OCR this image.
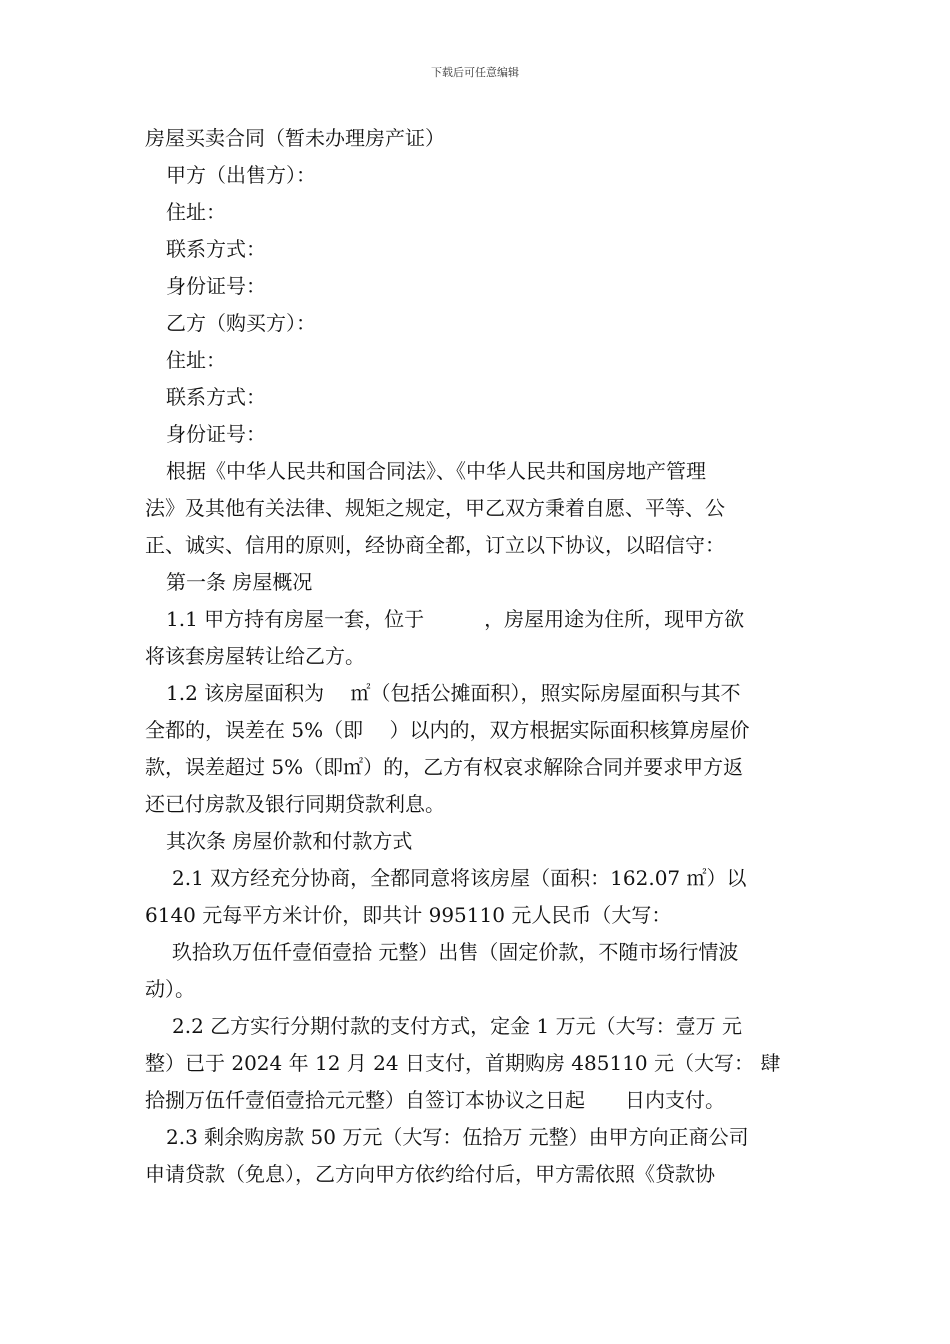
下载后可任意编辑
房屋买卖合同（暂未办理房产证）
甲方（出售方）：
住址：
联系方式：
身份证号：
乙方（购买方）：
住址：
联系方式：
身份证号：
根据《中华人民共和国合同法》、《中华人民共和国房地产管理
法》及其他有关法律、规矩之规定，甲乙双方秉着自愿、平等、公
正、诚实、信用的原则，经协商全都，订立以下协议，以昭信守：
第一条 房屋概况
1.1 甲方持有房屋一套，位于　　　，房屋用途为住所，现甲方欲
将该套房屋转让给乙方。
1.2 该房屋面积为　 ㎡（包括公摊面积），照实际房屋面积与其不
全都的，误差在 5%（即　 ）以内的，双方根据实际面积核算房屋价
款，误差超过 5%（即㎡）的，乙方有权哀求解除合同并要求甲方返
还已付房款及银行同期贷款利息。
其次条 房屋价款和付款方式
2.1 双方经充分协商，全都同意将该房屋（面积：162.07 ㎡）以
6140 元每平方米计价，即共计 995110 元人民币（大写：
玖拾玖万伍仟壹佰壹拾 元整）出售（固定价款，不随市场行情波
动）。
2.2 乙方实行分期付款的支付方式，定金 1 万元（大写：壹万 元
整）已于 2024 年 12 月 24 日支付，首期购房 485110 元（大写： 肆
拾捌万伍仟壹佰壹拾元元整）自签订本协议之日起　　日内支付。
2.3 剩余购房款 50 万元（大写：伍拾万 元整）由甲方向正商公司
申请贷款（免息），乙方向甲方依约给付后，甲方需依照《贷款协
